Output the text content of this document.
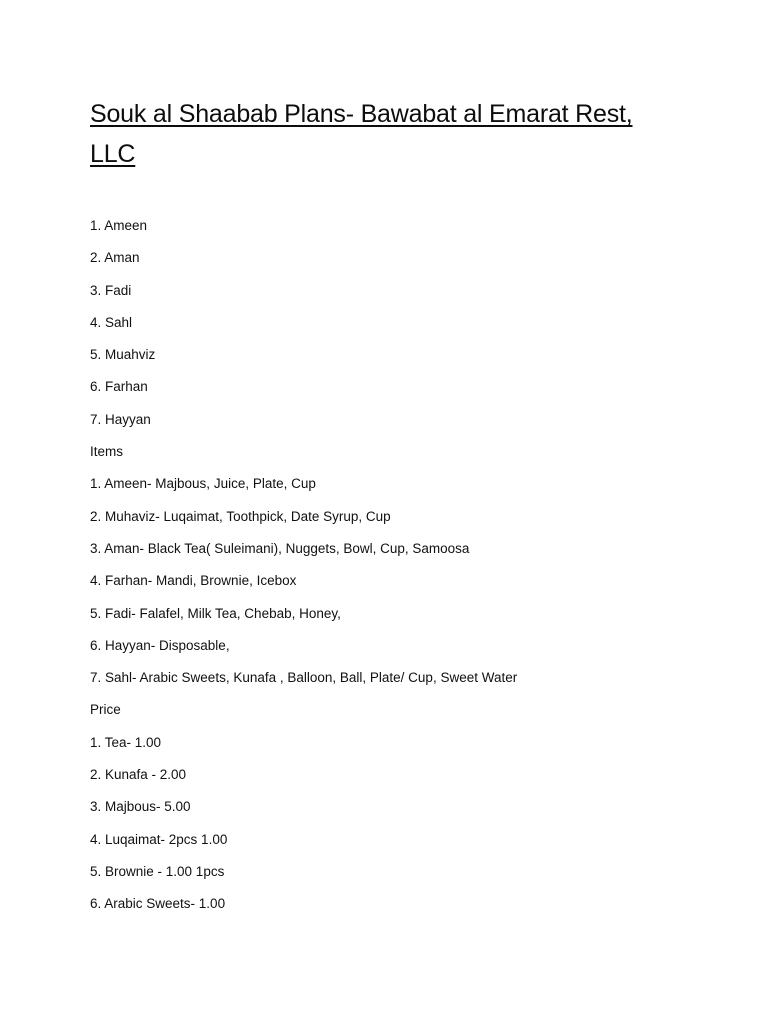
Souk al Shaabab Plans- Bawabat al Emarat Rest, LLC
1. Ameen
2. Aman
3. Fadi
4. Sahl
5. Muahviz
6. Farhan
7. Hayyan
Items
1. Ameen- Majbous, Juice, Plate, Cup
2. Muhaviz- Luqaimat, Toothpick, Date Syrup, Cup
3. Aman- Black Tea( Suleimani), Nuggets, Bowl, Cup, Samoosa
4. Farhan- Mandi, Brownie, Icebox
5. Fadi- Falafel, Milk Tea, Chebab, Honey,
6. Hayyan- Disposable,
7. Sahl- Arabic Sweets, Kunafa , Balloon, Ball, Plate/ Cup, Sweet Water
Price
1. Tea- 1.00
2. Kunafa - 2.00
3. Majbous- 5.00
4. Luqaimat- 2pcs 1.00
5. Brownie - 1.00 1pcs
6. Arabic Sweets- 1.00
